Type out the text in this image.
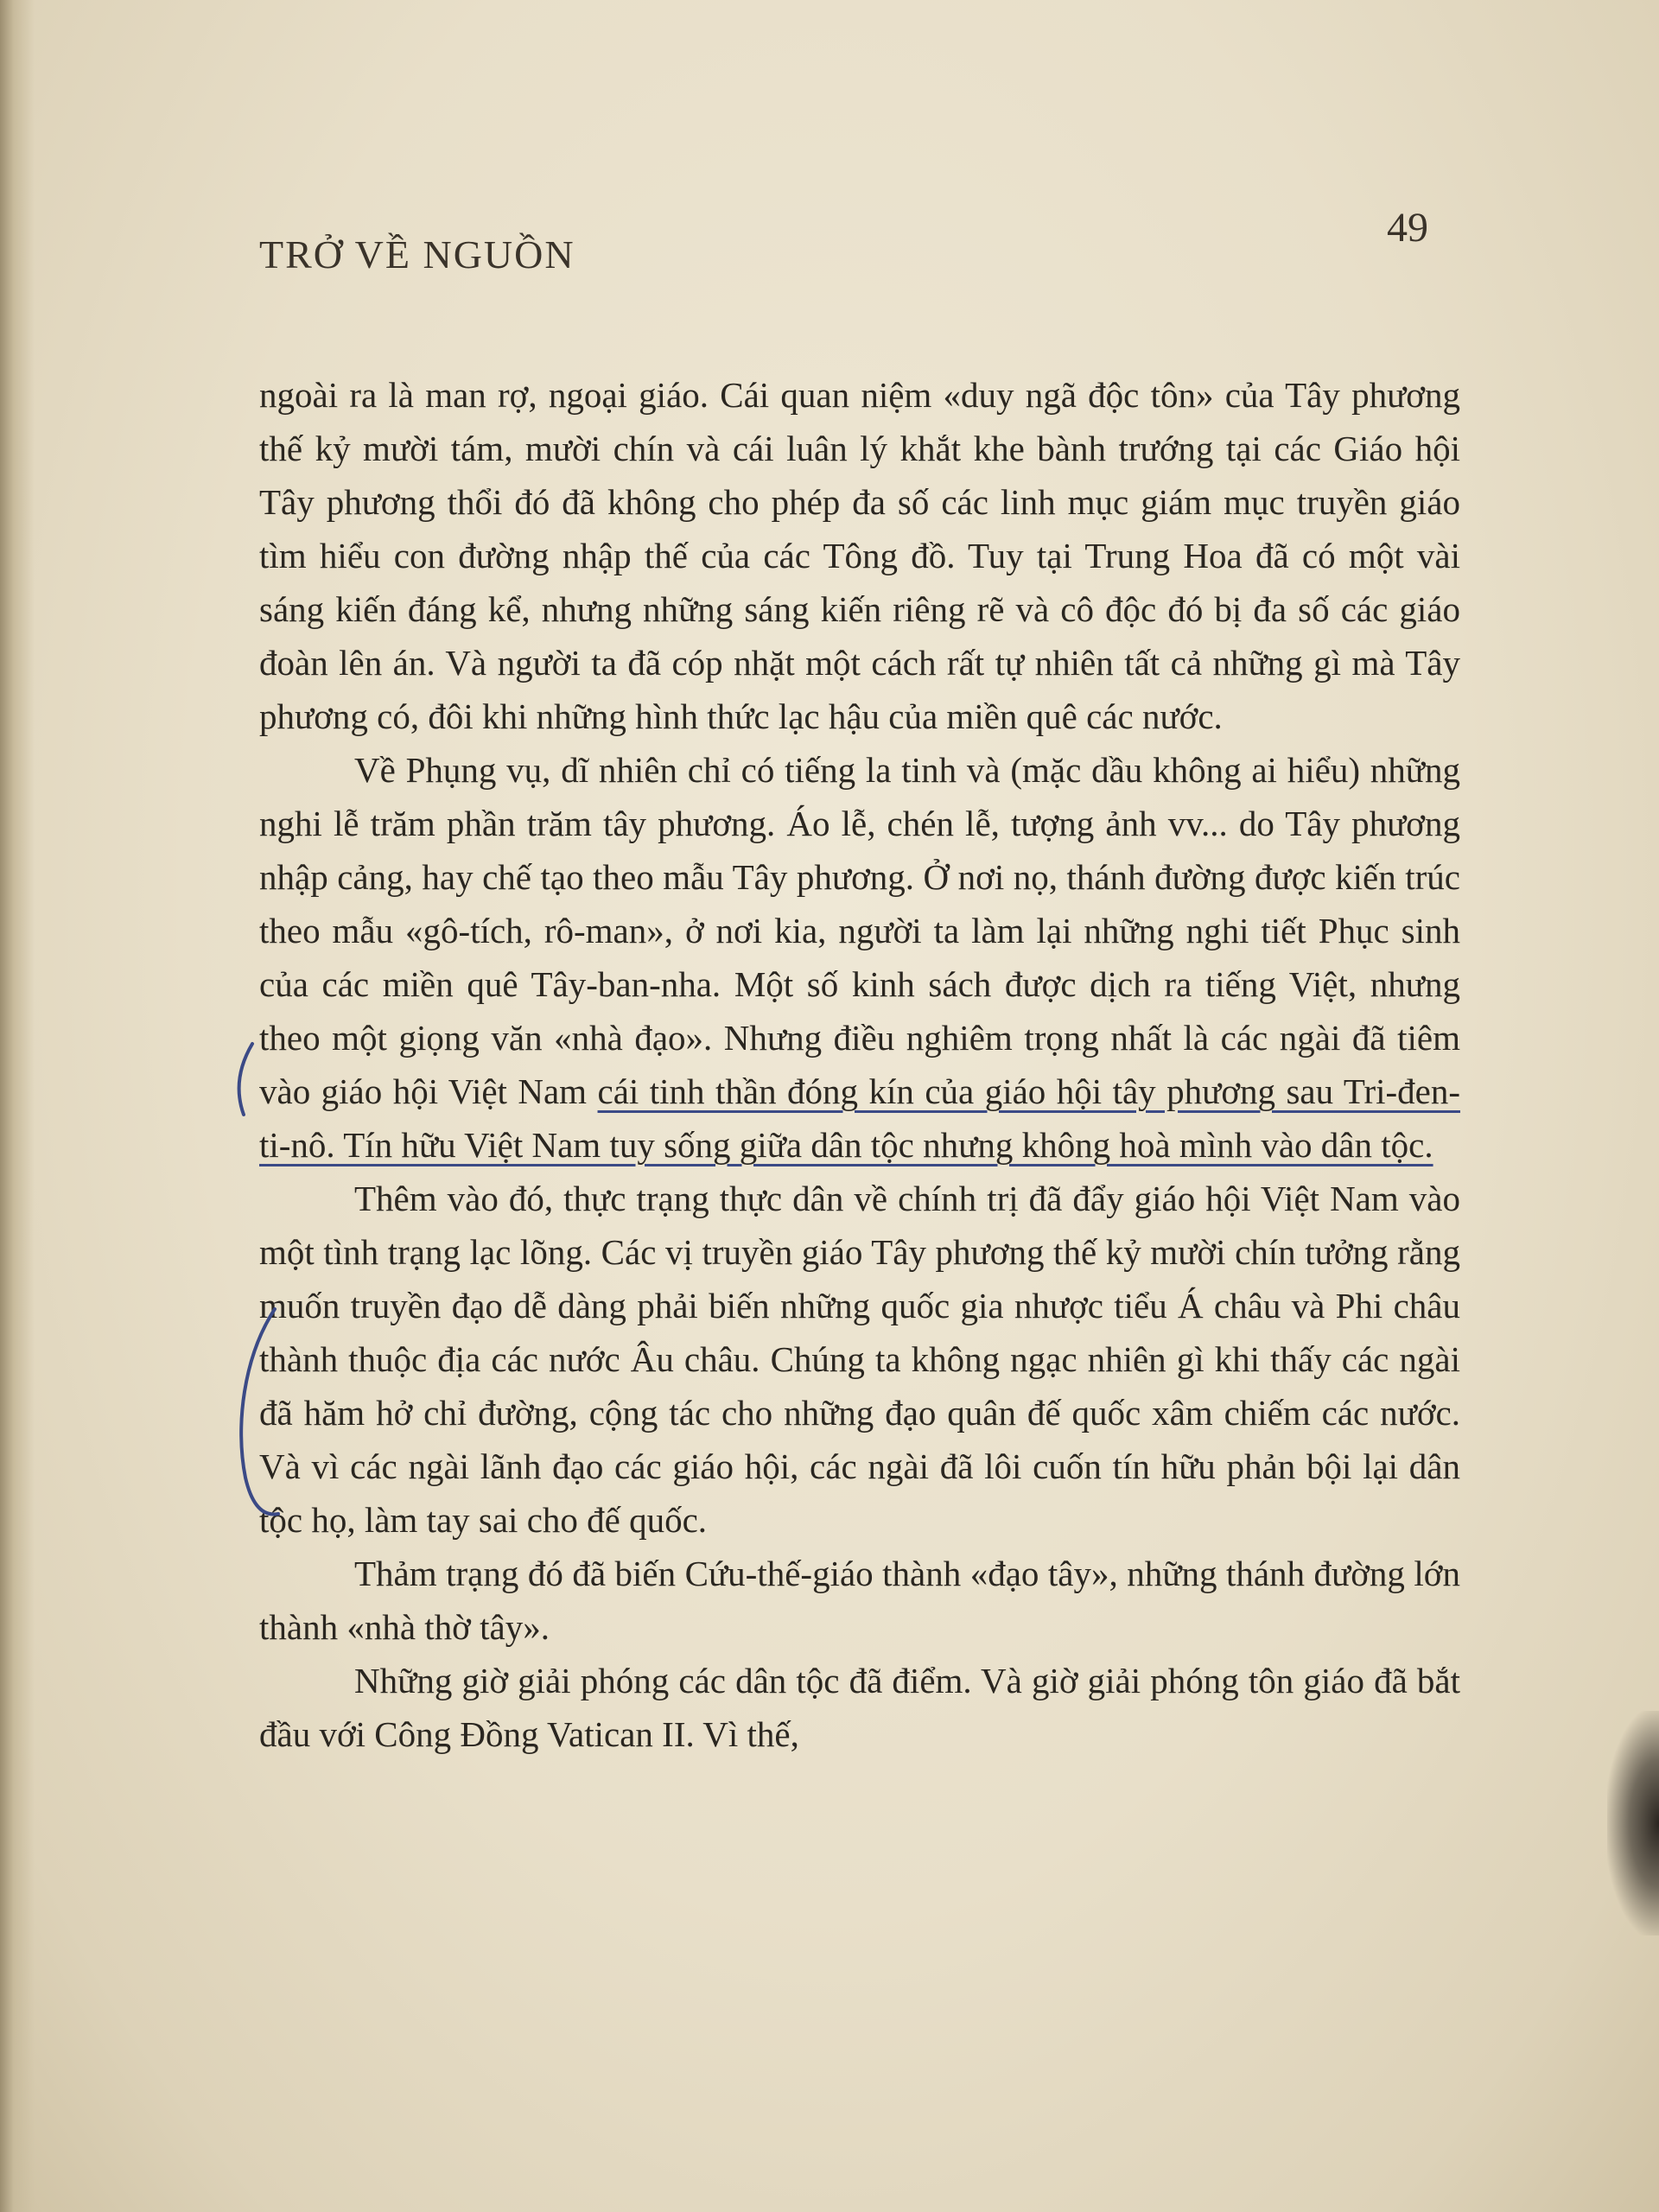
TRỞ VỀ NGUỒN
49

ngoài ra là man rợ, ngoại giáo. Cái quan niệm «duy ngã độc tôn» của Tây phương thế kỷ mười tám, mười chín và cái luân lý khắt khe bành trướng tại các Giáo hội Tây phương thổi đó đã không cho phép đa số các linh mục giám mục truyền giáo tìm hiểu con đường nhập thế của các Tông đồ. Tuy tại Trung Hoa đã có một vài sáng kiến đáng kể, nhưng những sáng kiến riêng rẽ và cô độc đó bị đa số các giáo đoàn lên án. Và người ta đã cóp nhặt một cách rất tự nhiên tất cả những gì mà Tây phương có, đôi khi những hình thức lạc hậu của miền quê các nước.

Về Phụng vụ, dĩ nhiên chỉ có tiếng la tinh và (mặc dầu không ai hiểu) những nghi lễ trăm phần trăm tây phương. Áo lễ, chén lễ, tượng ảnh vv... do Tây phương nhập cảng, hay chế tạo theo mẫu Tây phương. Ở nơi nọ, thánh đường được kiến trúc theo mẫu «gô-tích, rô-man», ở nơi kia, người ta làm lại những nghi tiết Phục sinh của các miền quê Tây-ban-nha. Một số kinh sách được dịch ra tiếng Việt, nhưng theo một giọng văn «nhà đạo». Nhưng điều nghiêm trọng nhất là các ngài đã tiêm vào giáo hội Việt Nam cái tinh thần đóng kín của giáo hội tây phương sau Tri-đen-ti-nô. Tín hữu Việt Nam tuy sống giữa dân tộc nhưng không hoà mình vào dân tộc.

Thêm vào đó, thực trạng thực dân về chính trị đã đẩy giáo hội Việt Nam vào một tình trạng lạc lõng. Các vị truyền giáo Tây phương thế kỷ mười chín tưởng rằng muốn truyền đạo dễ dàng phải biến những quốc gia nhược tiểu Á châu và Phi châu thành thuộc địa các nước Âu châu. Chúng ta không ngạc nhiên gì khi thấy các ngài đã hăm hở chỉ đường, cộng tác cho những đạo quân đế quốc xâm chiếm các nước. Và vì các ngài lãnh đạo các giáo hội, các ngài đã lôi cuốn tín hữu phản bội lại dân tộc họ, làm tay sai cho đế quốc.

Thảm trạng đó đã biến Cứu-thế-giáo thành «đạo tây», những thánh đường lớn thành «nhà thờ tây».

Những giờ giải phóng các dân tộc đã điểm. Và giờ giải phóng tôn giáo đã bắt đầu với Công Đồng Vatican II. Vì thế,
